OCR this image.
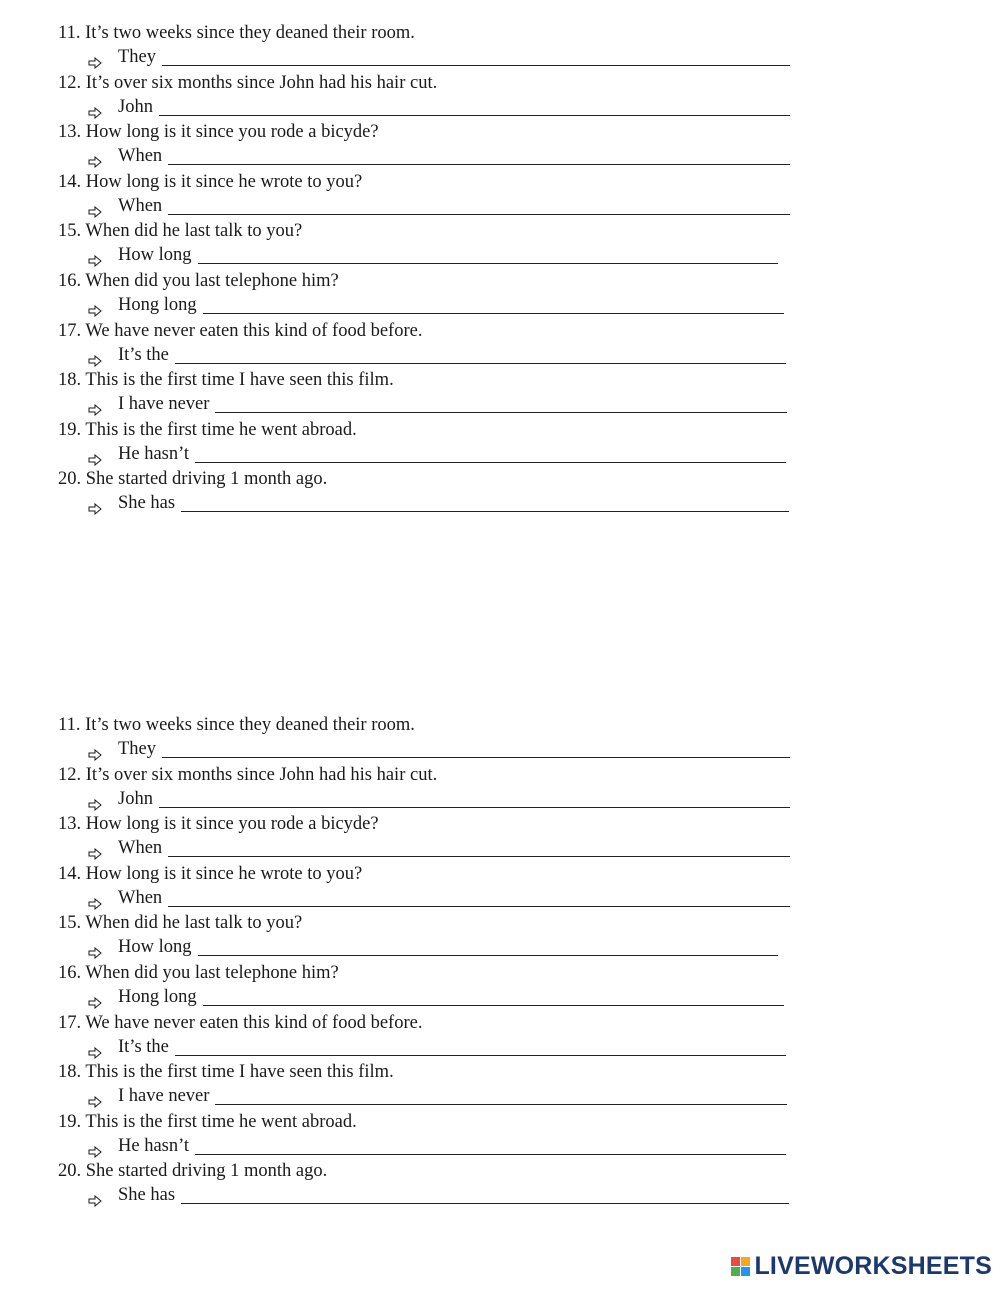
11. It’s two weeks since they deaned their room.
They
12. It’s over six months since John had his hair cut.
John
13. How long is it since you rode a bicyde?
When
14. How long is it since he wrote to you?
When
15. When did he last talk to you?
How long
16. When did you last telephone him?
Hong long
17. We have never eaten this kind of food before.
It’s the
18. This is the first time I have seen this film.
I have never
19. This is the first time he went abroad.
He hasn’t
20. She started driving 1 month ago.
She has
11. It’s two weeks since they deaned their room.
They
12. It’s over six months since John had his hair cut.
John
13. How long is it since you rode a bicyde?
When
14. How long is it since he wrote to you?
When
15. When did he last talk to you?
How long
16. When did you last telephone him?
Hong long
17. We have never eaten this kind of food before.
It’s the
18. This is the first time I have seen this film.
I have never
19. This is the first time he went abroad.
He hasn’t
20. She started driving 1 month ago.
She has
LIVEWORKSHEETS
